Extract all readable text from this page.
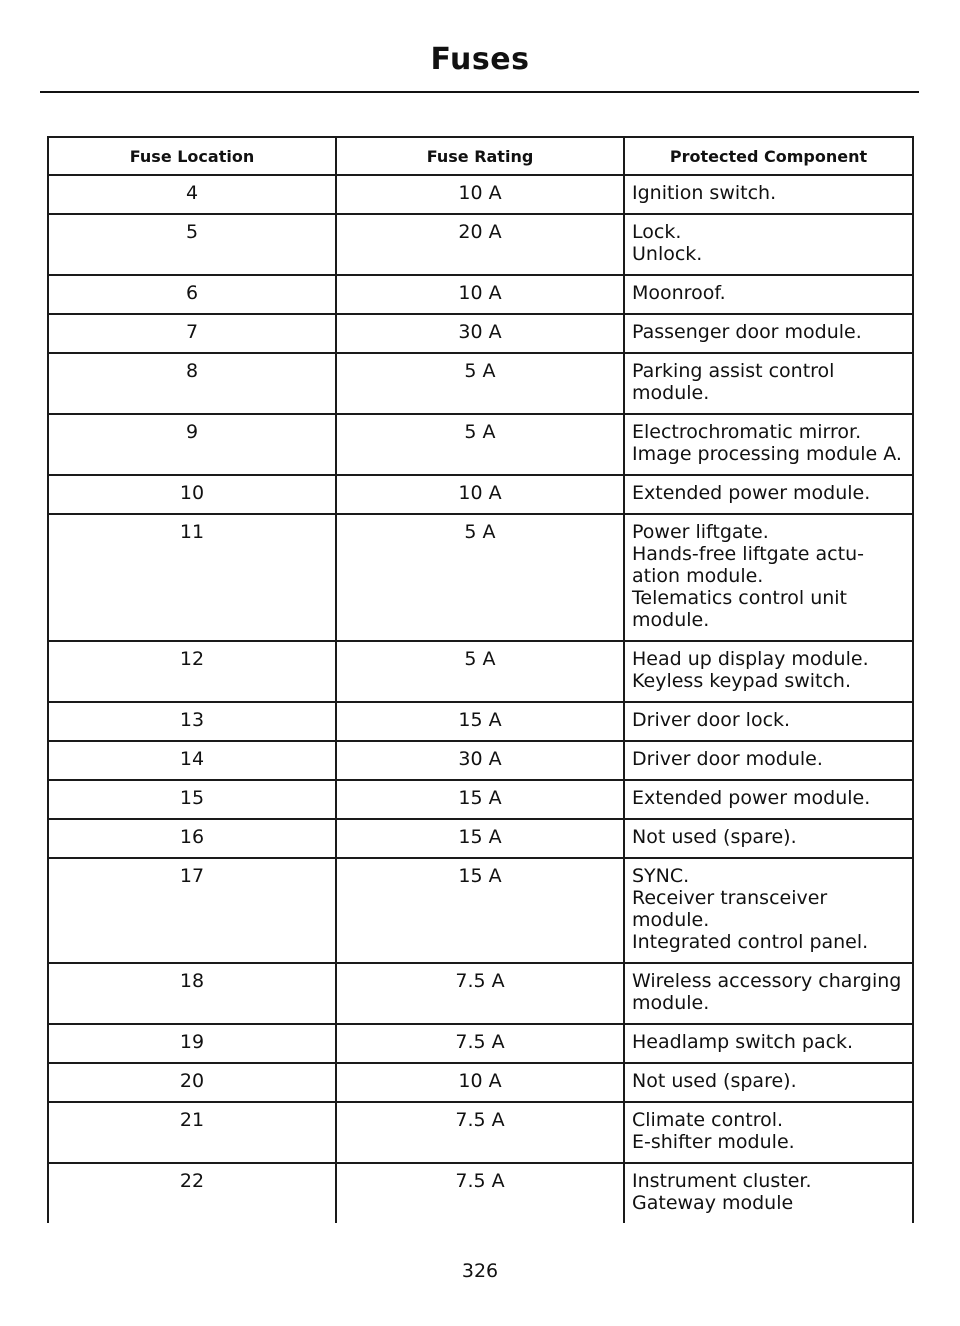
Fuses
Fuse Location	Fuse Rating	Protected Component
4	10 A	Ignition switch.

5	20 A	Lock.
Unlock.

6	10 A	Moonroof.

7	30 A	Passenger door module.

8	5 A	Parking assist control
module.

9	5 A	Electrochromatic mirror.
Image processing module A.

10	10 A	Extended power module.

11	5 A	Power liftgate.
Hands-free liftgate actu-
ation module.
Telematics control unit
module.

12	5 A	Head up display module.
Keyless keypad switch.

13	15 A	Driver door lock.

14	30 A	Driver door module.

15	15 A	Extended power module.

16	15 A	Not used (spare).

17	15 A	SYNC.
Receiver transceiver
module.
Integrated control panel.

18	7.5 A	Wireless accessory charging
module.

19	7.5 A	Headlamp switch pack.

20	10 A	Not used (spare).

21	7.5 A	Climate control.
E-shifter module.

22	7.5 A	Instrument cluster.
Gateway module
326
